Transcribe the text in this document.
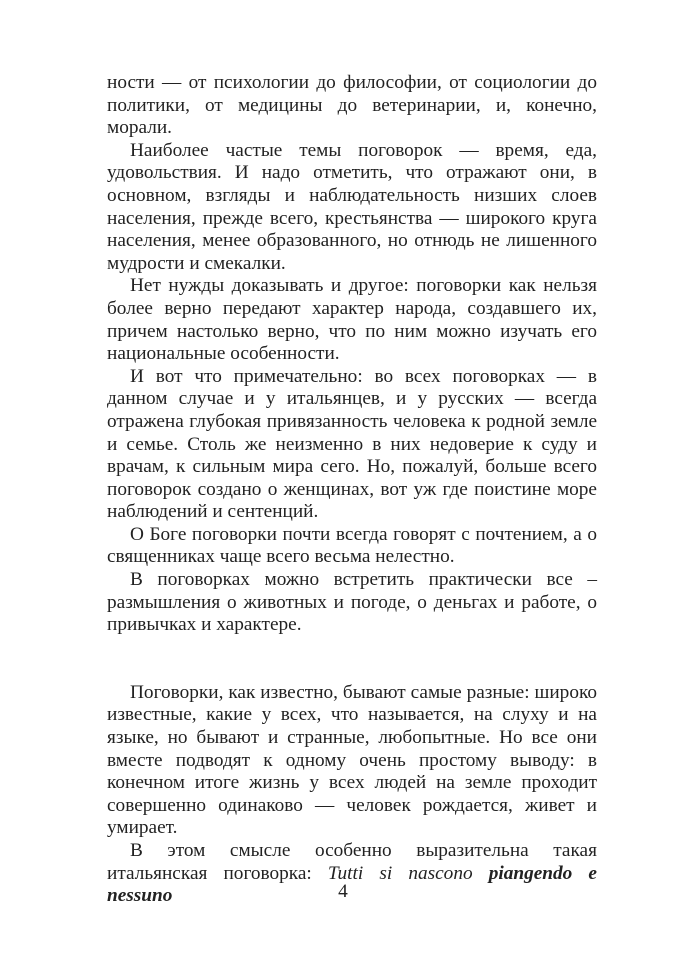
ности — от психологии до философии, от социологии до политики, от медицины до ветеринарии, и, конечно, морали.

Наиболее частые темы поговорок — время, еда, удовольствия. И надо отметить, что отражают они, в основном, взгляды и наблюдательность низших слоев населения, прежде всего, крестьянства — широкого круга населения, менее образованного, но отнюдь не лишенного мудрости и смекалки.

Нет нужды доказывать и другое: поговорки как нельзя более верно передают характер народа, создавшего их, причем настолько верно, что по ним можно изучать его национальные особенности.

И вот что примечательно: во всех поговорках — в данном случае и у итальянцев, и у русских — всегда отражена глубокая привязанность человека к родной земле и семье. Столь же неизменно в них недоверие к суду и врачам, к сильным мира сего. Но, пожалуй, больше всего поговорок создано о женщинах, вот уж где поистине море наблюдений и сентенций.

О Боге поговорки почти всегда говорят с почтением, а о священниках чаще всего весьма нелестно.

В поговорках можно встретить практически все – размышления о животных и погоде, о деньгах и работе, о привычках и характере.

Поговорки, как известно, бывают самые разные: широко известные, какие у всех, что называется, на слуху и на языке, но бывают и странные, любопытные. Но все они вместе подводят к одному очень простому выводу: в конечном итоге жизнь у всех людей на земле проходит совершенно одинаково — человек рождается, живет и умирает.

В этом смысле особенно выразительна такая итальянская поговорка: Tutti si nascono piangendo e nessuno	4
